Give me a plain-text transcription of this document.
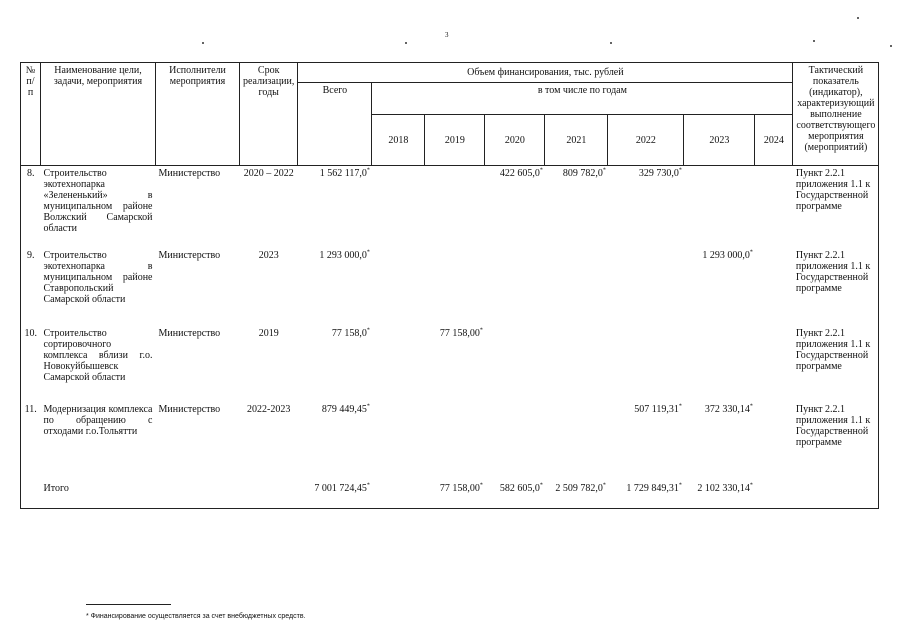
3
№ п/п	Наименование цели, задачи, мероприятия	Исполнители мероприятия	Срок реализации, годы	Объем финансирования, тыс. рублей								Тактический показатель (индикатор), характеризующий выполнение соответствующего мероприятия (мероприятий)
				Всего	в том числе по годам							
					2018	2019	2020	2021	2022	2023	2024	
8.	Строительство экотехнопарка «Зелененький» в муниципальном районе Волжский Самарской области	Министерство	2020 – 2022	1 562 117,0*			422 605,0*	809 782,0*	329 730,0*			Пункт 2.2.1 приложения 1.1 к Государственной программе
9.	Строительство экотехнопарка в муниципальном районе Ставропольский Самарской области	Министерство	2023	1 293 000,0*						1 293 000,0*		Пункт 2.2.1 приложения 1.1 к Государственной программе
10.	Строительство сортировочного комплекса вблизи г.о. Новокуйбышевск Самарской области	Министерство	2019	77 158,0*		77 158,00*						Пункт 2.2.1 приложения 1.1 к Государственной программе
11.	Модернизация комплекса по обращению с отходами г.о.Тольятти	Министерство	2022-2023	879 449,45*					507 119,31*	372 330,14*		Пункт 2.2.1 приложения 1.1 к Государственной программе
	Итого			7 001 724,45*		77 158,00*	582 605,0*	2 509 782,0*	1 729 849,31*	2 102 330,14*		
* Финансирование осуществляется за счет внебюджетных средств.
